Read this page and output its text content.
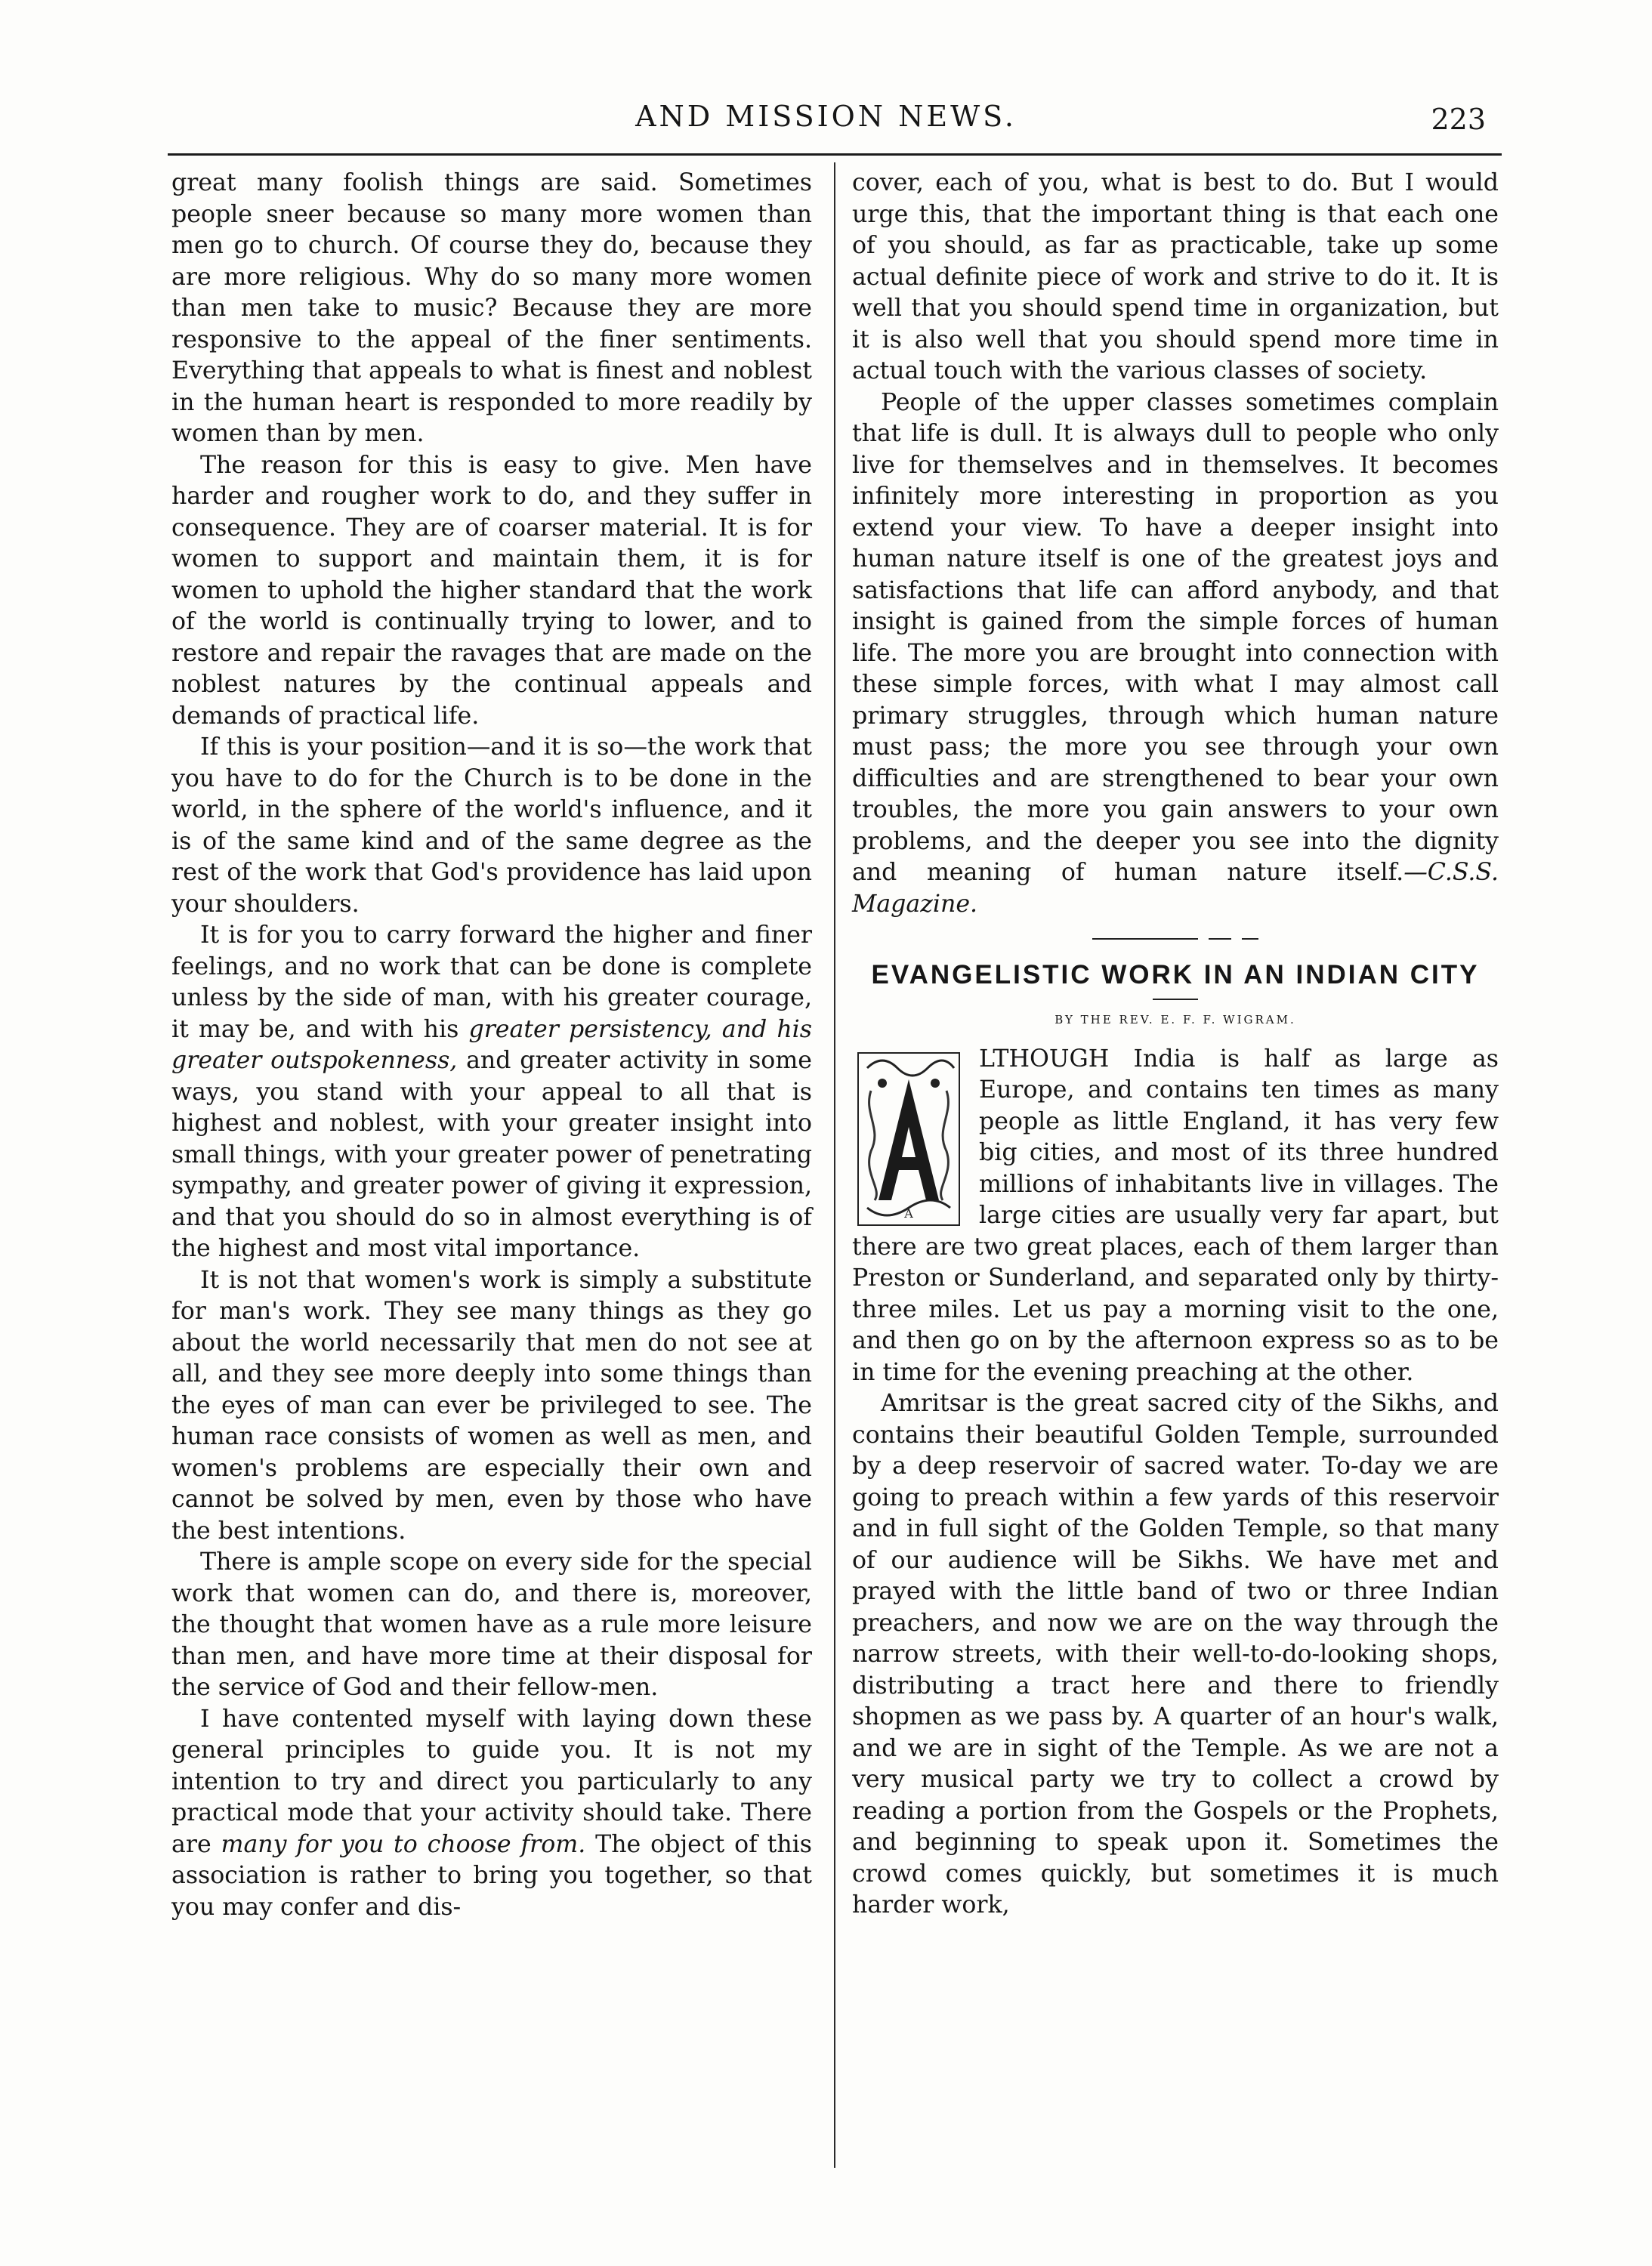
AND MISSION NEWS.	223

great many foolish things are said. Sometimes people sneer because so many more women than men go to church. Of course they do, because they are more religious. Why do so many more women than men take to music? Because they are more responsive to the appeal of the finer sentiments. Everything that appeals to what is finest and noblest in the human heart is responded to more readily by women than by men.

The reason for this is easy to give. Men have harder and rougher work to do, and they suffer in consequence. They are of coarser material. It is for women to support and maintain them, it is for women to uphold the higher standard that the work of the world is continually trying to lower, and to restore and repair the ravages that are made on the noblest natures by the continual appeals and demands of practical life.

If this is your position—and it is so—the work that you have to do for the Church is to be done in the world, in the sphere of the world's influence, and it is of the same kind and of the same degree as the rest of the work that God's providence has laid upon your shoulders.

It is for you to carry forward the higher and finer feelings, and no work that can be done is complete unless by the side of man, with his greater courage, it may be, and with his greater persistency, and his greater outspokenness, and greater activity in some ways, you stand with your appeal to all that is highest and noblest, with your greater insight into small things, with your greater power of penetrating sympathy, and greater power of giving it expression, and that you should do so in almost everything is of the highest and most vital importance.

It is not that women's work is simply a substitute for man's work. They see many things as they go about the world necessarily that men do not see at all, and they see more deeply into some things than the eyes of man can ever be privileged to see. The human race consists of women as well as men, and women's problems are especially their own and cannot be solved by men, even by those who have the best intentions.

There is ample scope on every side for the special work that women can do, and there is, moreover, the thought that women have as a rule more leisure than men, and have more time at their disposal for the service of God and their fellow-men.

I have contented myself with laying down these general principles to guide you. It is not my intention to try and direct you particularly to any practical mode that your activity should take. There are many for you to choose from. The object of this association is rather to bring you together, so that you may confer and dis-

cover, each of you, what is best to do. But I would urge this, that the important thing is that each one of you should, as far as practicable, take up some actual definite piece of work and strive to do it. It is well that you should spend time in organization, but it is also well that you should spend more time in actual touch with the various classes of society.

People of the upper classes sometimes complain that life is dull. It is always dull to people who only live for themselves and in themselves. It becomes infinitely more interesting in proportion as you extend your view. To have a deeper insight into human nature itself is one of the greatest joys and satisfactions that life can afford anybody, and that insight is gained from the simple forces of human life. The more you are brought into connection with these simple forces, with what I may almost call primary struggles, through which human nature must pass; the more you see through your own difficulties and are strengthened to bear your own troubles, the more you gain answers to your own problems, and the deeper you see into the dignity and meaning of human nature itself.—C.S.S. Magazine.

EVANGELISTIC WORK IN AN INDIAN CITY
BY THE REV. E. F. F. WIGRAM.

A
LTHOUGH India is half as large as Europe, and contains ten times as many people as little England, it has very few big cities, and most of its three hundred millions of inhabitants live in villages. The large cities are usually very far apart, but there are two great places, each of them larger than Preston or Sunderland, and separated only by thirty-three miles. Let us pay a morning visit to the one, and then go on by the afternoon express so as to be in time for the evening preaching at the other.

Amritsar is the great sacred city of the Sikhs, and contains their beautiful Golden Temple, surrounded by a deep reservoir of sacred water. To-day we are going to preach within a few yards of this reservoir and in full sight of the Golden Temple, so that many of our audience will be Sikhs. We have met and prayed with the little band of two or three Indian preachers, and now we are on the way through the narrow streets, with their well-to-do-looking shops, distributing a tract here and there to friendly shopmen as we pass by. A quarter of an hour's walk, and we are in sight of the Temple. As we are not a very musical party we try to collect a crowd by reading a portion from the Gospels or the Prophets, and beginning to speak upon it. Sometimes the crowd comes quickly, but sometimes it is much harder work,
